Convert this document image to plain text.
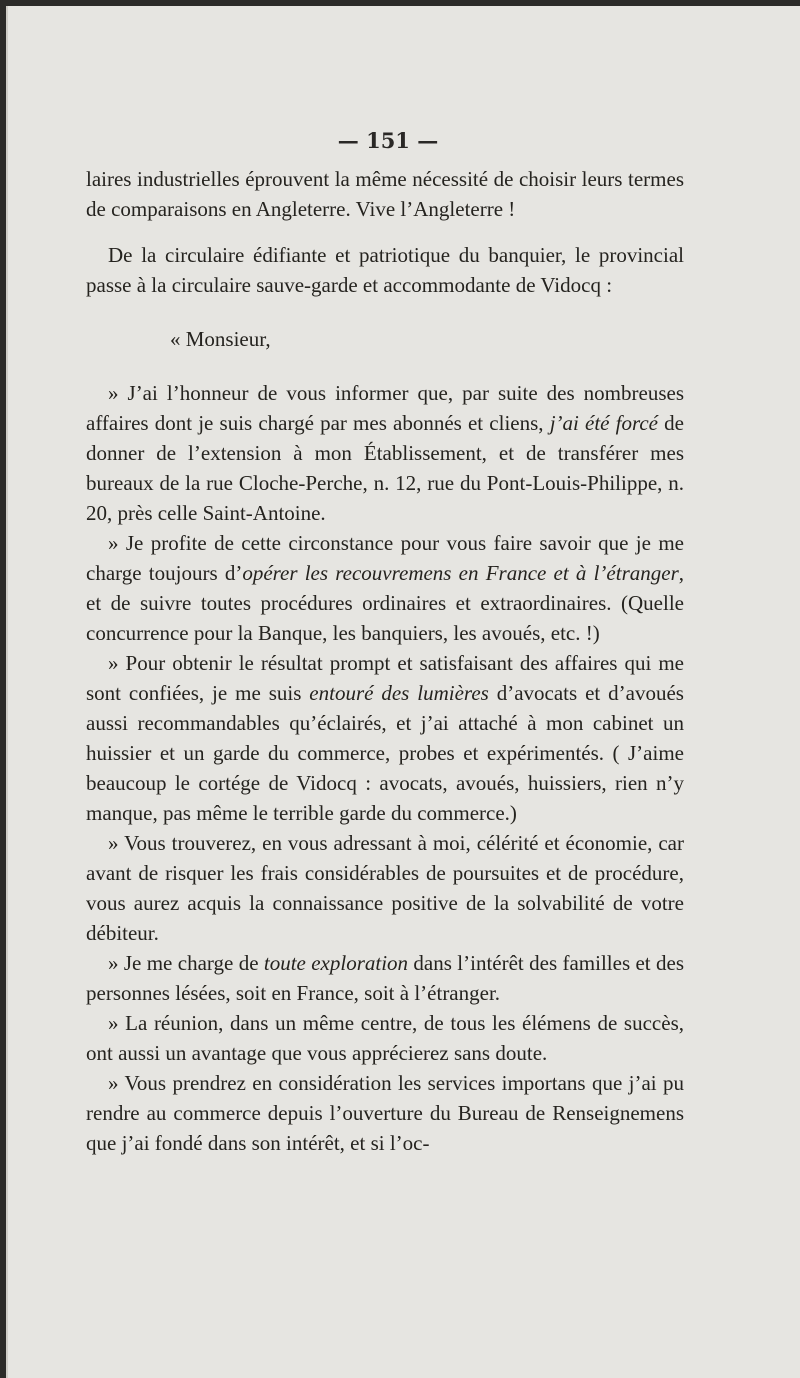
— 151 —

laires industrielles éprouvent la même nécessité de choisir leurs termes de comparaisons en Angleterre. Vive l’Angleterre !

De la circulaire édifiante et patriotique du banquier, le provincial passe à la circulaire sauve-garde et accommodante de Vidocq :

« Monsieur,

» J’ai l’honneur de vous informer que, par suite des nombreuses affaires dont je suis chargé par mes abonnés et cliens, j’ai été forcé de donner de l’extension à mon Établissement, et de transférer mes bureaux de la rue Cloche-Perche, n. 12, rue du Pont-Louis-Philippe, n. 20, près celle Saint-Antoine.

» Je profite de cette circonstance pour vous faire savoir que je me charge toujours d’opérer les recouvremens en France et à l’étranger, et de suivre toutes procédures ordinaires et extraordinaires. (Quelle concurrence pour la Banque, les banquiers, les avoués, etc. !)

» Pour obtenir le résultat prompt et satisfaisant des affaires qui me sont confiées, je me suis entouré des lumières d’avocats et d’avoués aussi recommandables qu’éclairés, et j’ai attaché à mon cabinet un huissier et un garde du commerce, probes et expérimentés. ( J’aime beaucoup le cortége de Vidocq : avocats, avoués, huissiers, rien n’y manque, pas même le terrible garde du commerce.)

» Vous trouverez, en vous adressant à moi, célérité et économie, car avant de risquer les frais considérables de poursuites et de procédure, vous aurez acquis la connaissance positive de la solvabilité de votre débiteur.

» Je me charge de toute exploration dans l’intérêt des familles et des personnes lésées, soit en France, soit à l’étranger.

» La réunion, dans un même centre, de tous les élémens de succès, ont aussi un avantage que vous apprécierez sans doute.

» Vous prendrez en considération les services importans que j’ai pu rendre au commerce depuis l’ouverture du Bureau de Renseignemens que j’ai fondé dans son intérêt, et si l’oc-
